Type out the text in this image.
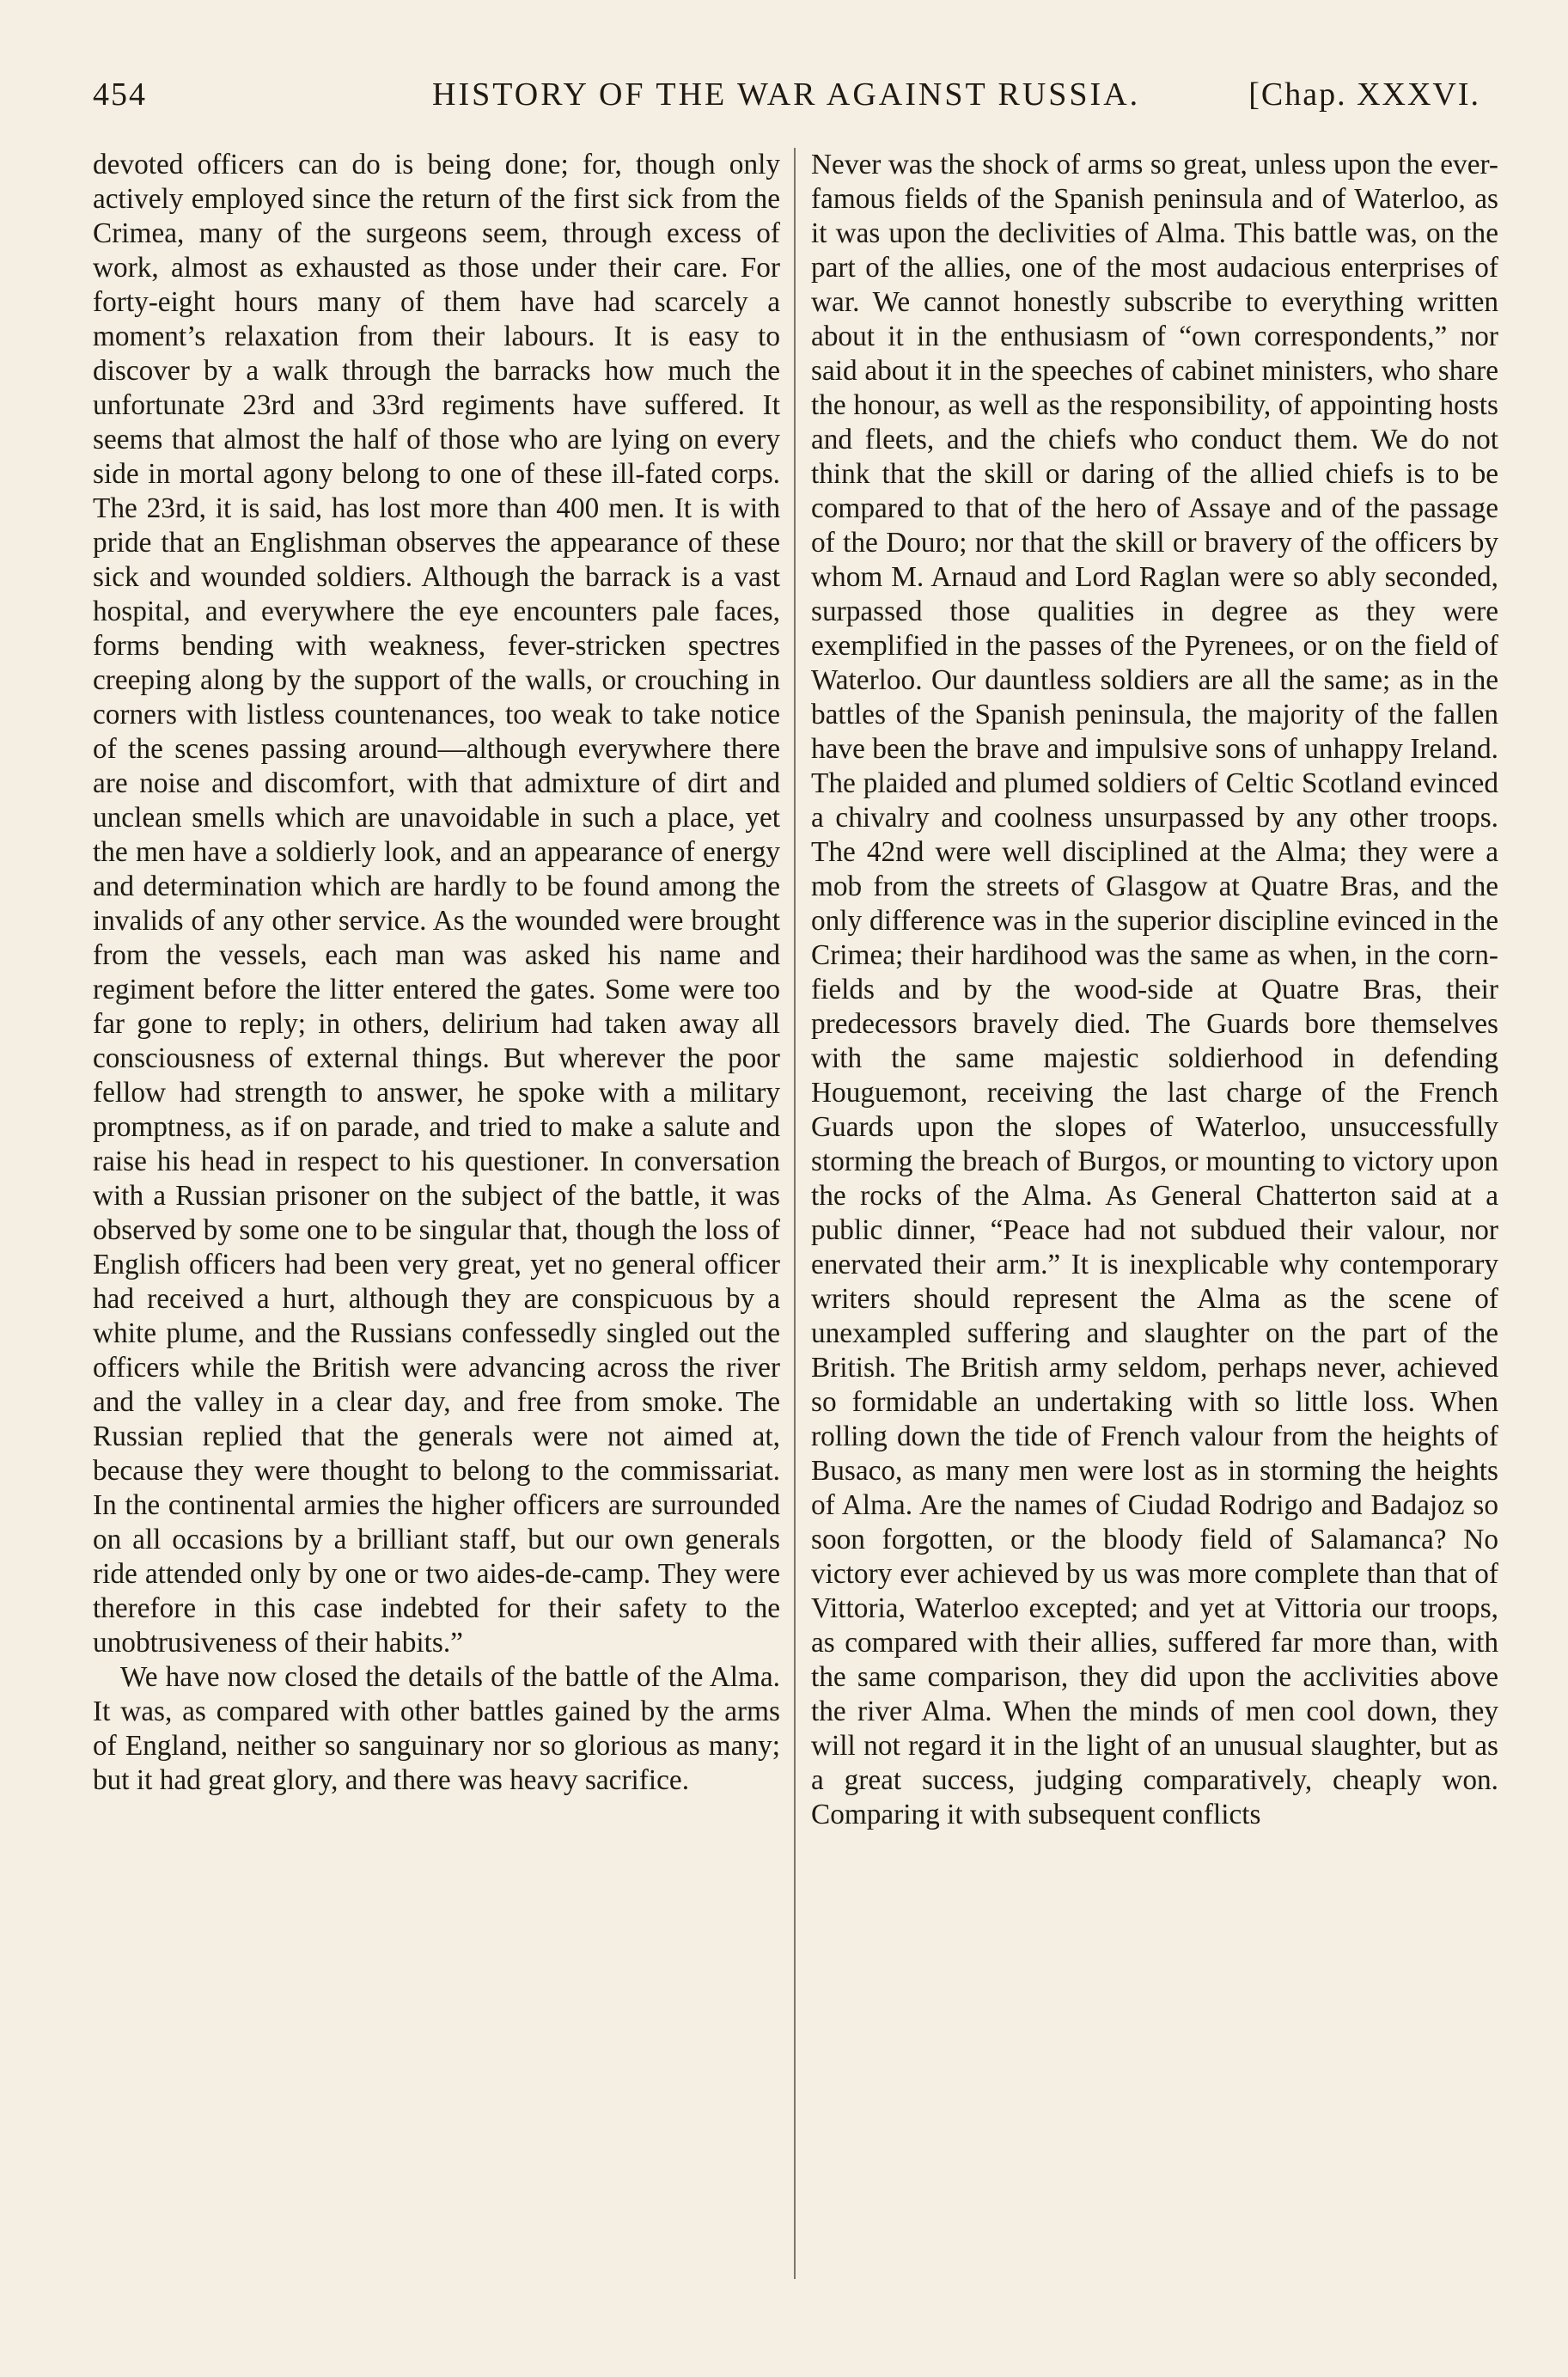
454	HISTORY OF THE WAR AGAINST RUSSIA.	[Chap. XXXVI.

devoted officers can do is being done; for, though only actively employed since the return of the first sick from the Crimea, many of the surgeons seem, through excess of work, almost as exhausted as those under their care. For forty-eight hours many of them have had scarcely a moment’s relaxation from their labours. It is easy to discover by a walk through the barracks how much the unfortunate 23rd and 33rd regiments have suffered. It seems that almost the half of those who are lying on every side in mortal agony belong to one of these ill-fated corps. The 23rd, it is said, has lost more than 400 men. It is with pride that an Englishman observes the appearance of these sick and wounded soldiers. Although the barrack is a vast hospital, and everywhere the eye encounters pale faces, forms bending with weakness, fever-stricken spectres creeping along by the support of the walls, or crouching in corners with listless countenances, too weak to take notice of the scenes passing around—although everywhere there are noise and discomfort, with that admixture of dirt and unclean smells which are unavoidable in such a place, yet the men have a soldierly look, and an appearance of energy and determination which are hardly to be found among the invalids of any other service. As the wounded were brought from the vessels, each man was asked his name and regiment before the litter entered the gates. Some were too far gone to reply; in others, delirium had taken away all consciousness of external things. But wherever the poor fellow had strength to answer, he spoke with a military promptness, as if on parade, and tried to make a salute and raise his head in respect to his questioner. In conversation with a Russian prisoner on the subject of the battle, it was observed by some one to be singular that, though the loss of English officers had been very great, yet no general officer had received a hurt, although they are conspicuous by a white plume, and the Russians confessedly singled out the officers while the British were advancing across the river and the valley in a clear day, and free from smoke. The Russian replied that the generals were not aimed at, because they were thought to belong to the commissariat. In the continental armies the higher officers are surrounded on all occasions by a brilliant staff, but our own generals ride attended only by one or two aides-de-camp. They were therefore in this case indebted for their safety to the unobtrusiveness of their habits.”

We have now closed the details of the battle of the Alma. It was, as compared with other battles gained by the arms of England, neither so sanguinary nor so glorious as many; but it had great glory, and there was heavy sacrifice.

Never was the shock of arms so great, unless upon the ever-famous fields of the Spanish peninsula and of Waterloo, as it was upon the declivities of Alma. This battle was, on the part of the allies, one of the most audacious enterprises of war. We cannot honestly subscribe to everything written about it in the enthusiasm of “own correspondents,” nor said about it in the speeches of cabinet ministers, who share the honour, as well as the responsibility, of appointing hosts and fleets, and the chiefs who conduct them. We do not think that the skill or daring of the allied chiefs is to be compared to that of the hero of Assaye and of the passage of the Douro; nor that the skill or bravery of the officers by whom M. Arnaud and Lord Raglan were so ably seconded, surpassed those qualities in degree as they were exemplified in the passes of the Pyrenees, or on the field of Waterloo. Our dauntless soldiers are all the same; as in the battles of the Spanish peninsula, the majority of the fallen have been the brave and impulsive sons of unhappy Ireland. The plaided and plumed soldiers of Celtic Scotland evinced a chivalry and coolness unsurpassed by any other troops. The 42nd were well disciplined at the Alma; they were a mob from the streets of Glasgow at Quatre Bras, and the only difference was in the superior discipline evinced in the Crimea; their hardihood was the same as when, in the corn-fields and by the wood-side at Quatre Bras, their predecessors bravely died. The Guards bore themselves with the same majestic soldierhood in defending Houguemont, receiving the last charge of the French Guards upon the slopes of Waterloo, unsuccessfully storming the breach of Burgos, or mounting to victory upon the rocks of the Alma. As General Chatterton said at a public dinner, “Peace had not subdued their valour, nor enervated their arm.” It is inexplicable why contemporary writers should represent the Alma as the scene of unexampled suffering and slaughter on the part of the British. The British army seldom, perhaps never, achieved so formidable an undertaking with so little loss. When rolling down the tide of French valour from the heights of Busaco, as many men were lost as in storming the heights of Alma. Are the names of Ciudad Rodrigo and Badajoz so soon forgotten, or the bloody field of Salamanca? No victory ever achieved by us was more complete than that of Vittoria, Waterloo excepted; and yet at Vittoria our troops, as compared with their allies, suffered far more than, with the same comparison, they did upon the acclivities above the river Alma. When the minds of men cool down, they will not regard it in the light of an unusual slaughter, but as a great success, judging comparatively, cheaply won. Comparing it with subsequent conflicts
